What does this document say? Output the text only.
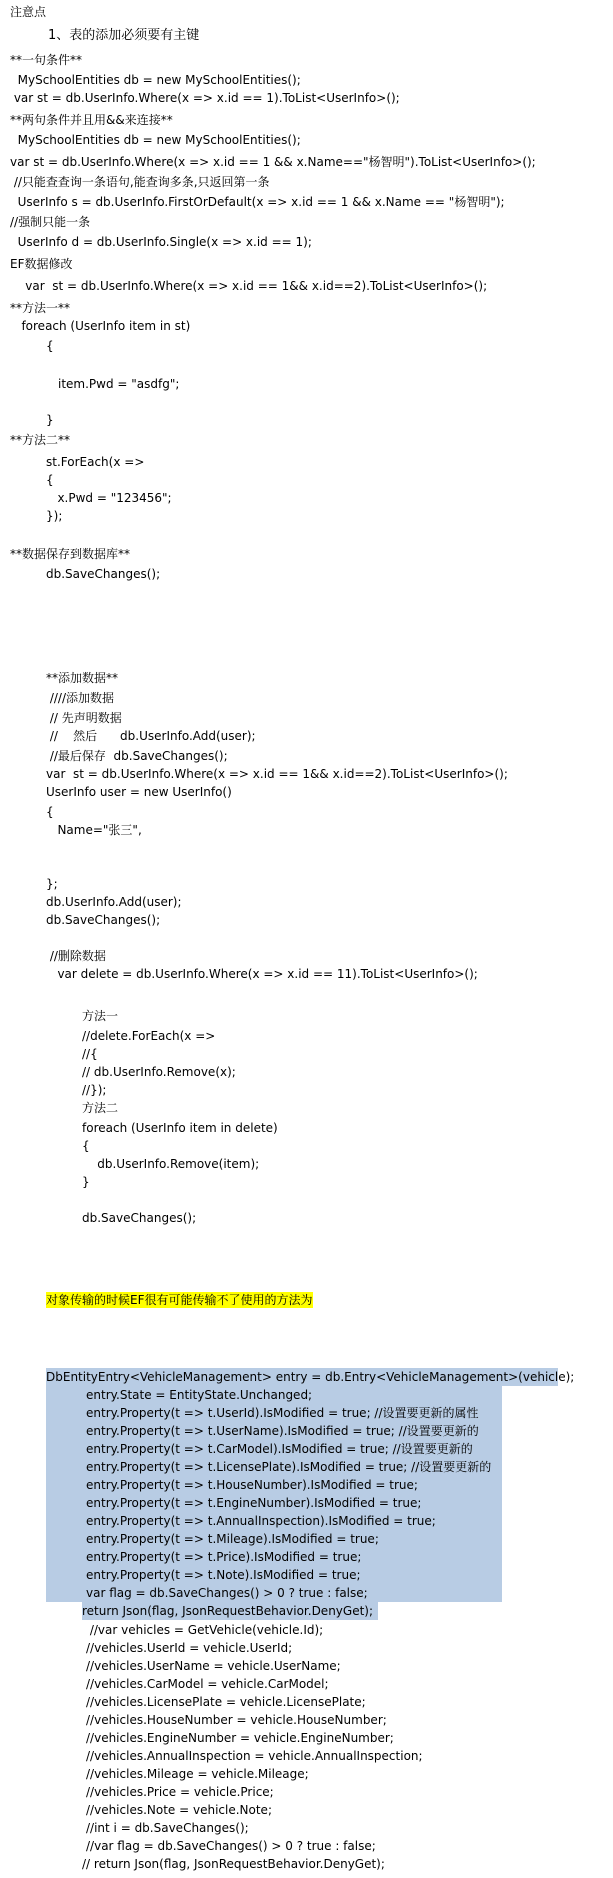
注意点
1、表的添加必须要有主键
**一句条件**
MySchoolEntities db = new MySchoolEntities();
var st = db.UserInfo.Where(x => x.id == 1).ToList<UserInfo>();
**两句条件并且用&&来连接**
MySchoolEntities db = new MySchoolEntities();
var st = db.UserInfo.Where(x => x.id == 1 && x.Name=="杨智明").ToList<UserInfo>();
//只能查查询一条语句,能查询多条,只返回第一条
UserInfo s = db.UserInfo.FirstOrDefault(x => x.id == 1 && x.Name == "杨智明");
//强制只能一条
UserInfo d = db.UserInfo.Single(x => x.id == 1);
EF数据修改
var  st = db.UserInfo.Where(x => x.id == 1&& x.id==2).ToList<UserInfo>();
**方法一**
foreach (UserInfo item in st)
{
item.Pwd = "asdfg";
}
**方法二**
st.ForEach(x =>
{
x.Pwd = "123456";
});
**数据保存到数据库**
db.SaveChanges();
**添加数据**
////添加数据
// 先声明数据
//    然后      db.UserInfo.Add(user);
//最后保存  db.SaveChanges();
var  st = db.UserInfo.Where(x => x.id == 1&& x.id==2).ToList<UserInfo>();
UserInfo user = new UserInfo()
{
Name="张三",
};
db.UserInfo.Add(user);
db.SaveChanges();
//删除数据
var delete = db.UserInfo.Where(x => x.id == 11).ToList<UserInfo>();
方法一
//delete.ForEach(x =>
//{
// db.UserInfo.Remove(x);
//});
方法二
foreach (UserInfo item in delete)
{
db.UserInfo.Remove(item);
}
db.SaveChanges();
对象传输的时候EF很有可能传输不了使用的方法为
DbEntityEntry<VehicleManagement> entry = db.Entry<VehicleManagement>(vehicle);
entry.State = EntityState.Unchanged;
entry.Property(t => t.UserId).IsModified = true; //设置要更新的属性
entry.Property(t => t.UserName).IsModified = true; //设置要更新的
entry.Property(t => t.CarModel).IsModified = true; //设置要更新的
entry.Property(t => t.LicensePlate).IsModified = true; //设置要更新的
entry.Property(t => t.HouseNumber).IsModified = true;
entry.Property(t => t.EngineNumber).IsModified = true;
entry.Property(t => t.AnnualInspection).IsModified = true;
entry.Property(t => t.Mileage).IsModified = true;
entry.Property(t => t.Price).IsModified = true;
entry.Property(t => t.Note).IsModified = true;
var flag = db.SaveChanges() > 0 ? true : false;
return Json(flag, JsonRequestBehavior.DenyGet);
//var vehicles = GetVehicle(vehicle.Id);
//vehicles.UserId = vehicle.UserId;
//vehicles.UserName = vehicle.UserName;
//vehicles.CarModel = vehicle.CarModel;
//vehicles.LicensePlate = vehicle.LicensePlate;
//vehicles.HouseNumber = vehicle.HouseNumber;
//vehicles.EngineNumber = vehicle.EngineNumber;
//vehicles.AnnualInspection = vehicle.AnnualInspection;
//vehicles.Mileage = vehicle.Mileage;
//vehicles.Price = vehicle.Price;
//vehicles.Note = vehicle.Note;
//int i = db.SaveChanges();
//var flag = db.SaveChanges() > 0 ? true : false;
// return Json(flag, JsonRequestBehavior.DenyGet);
